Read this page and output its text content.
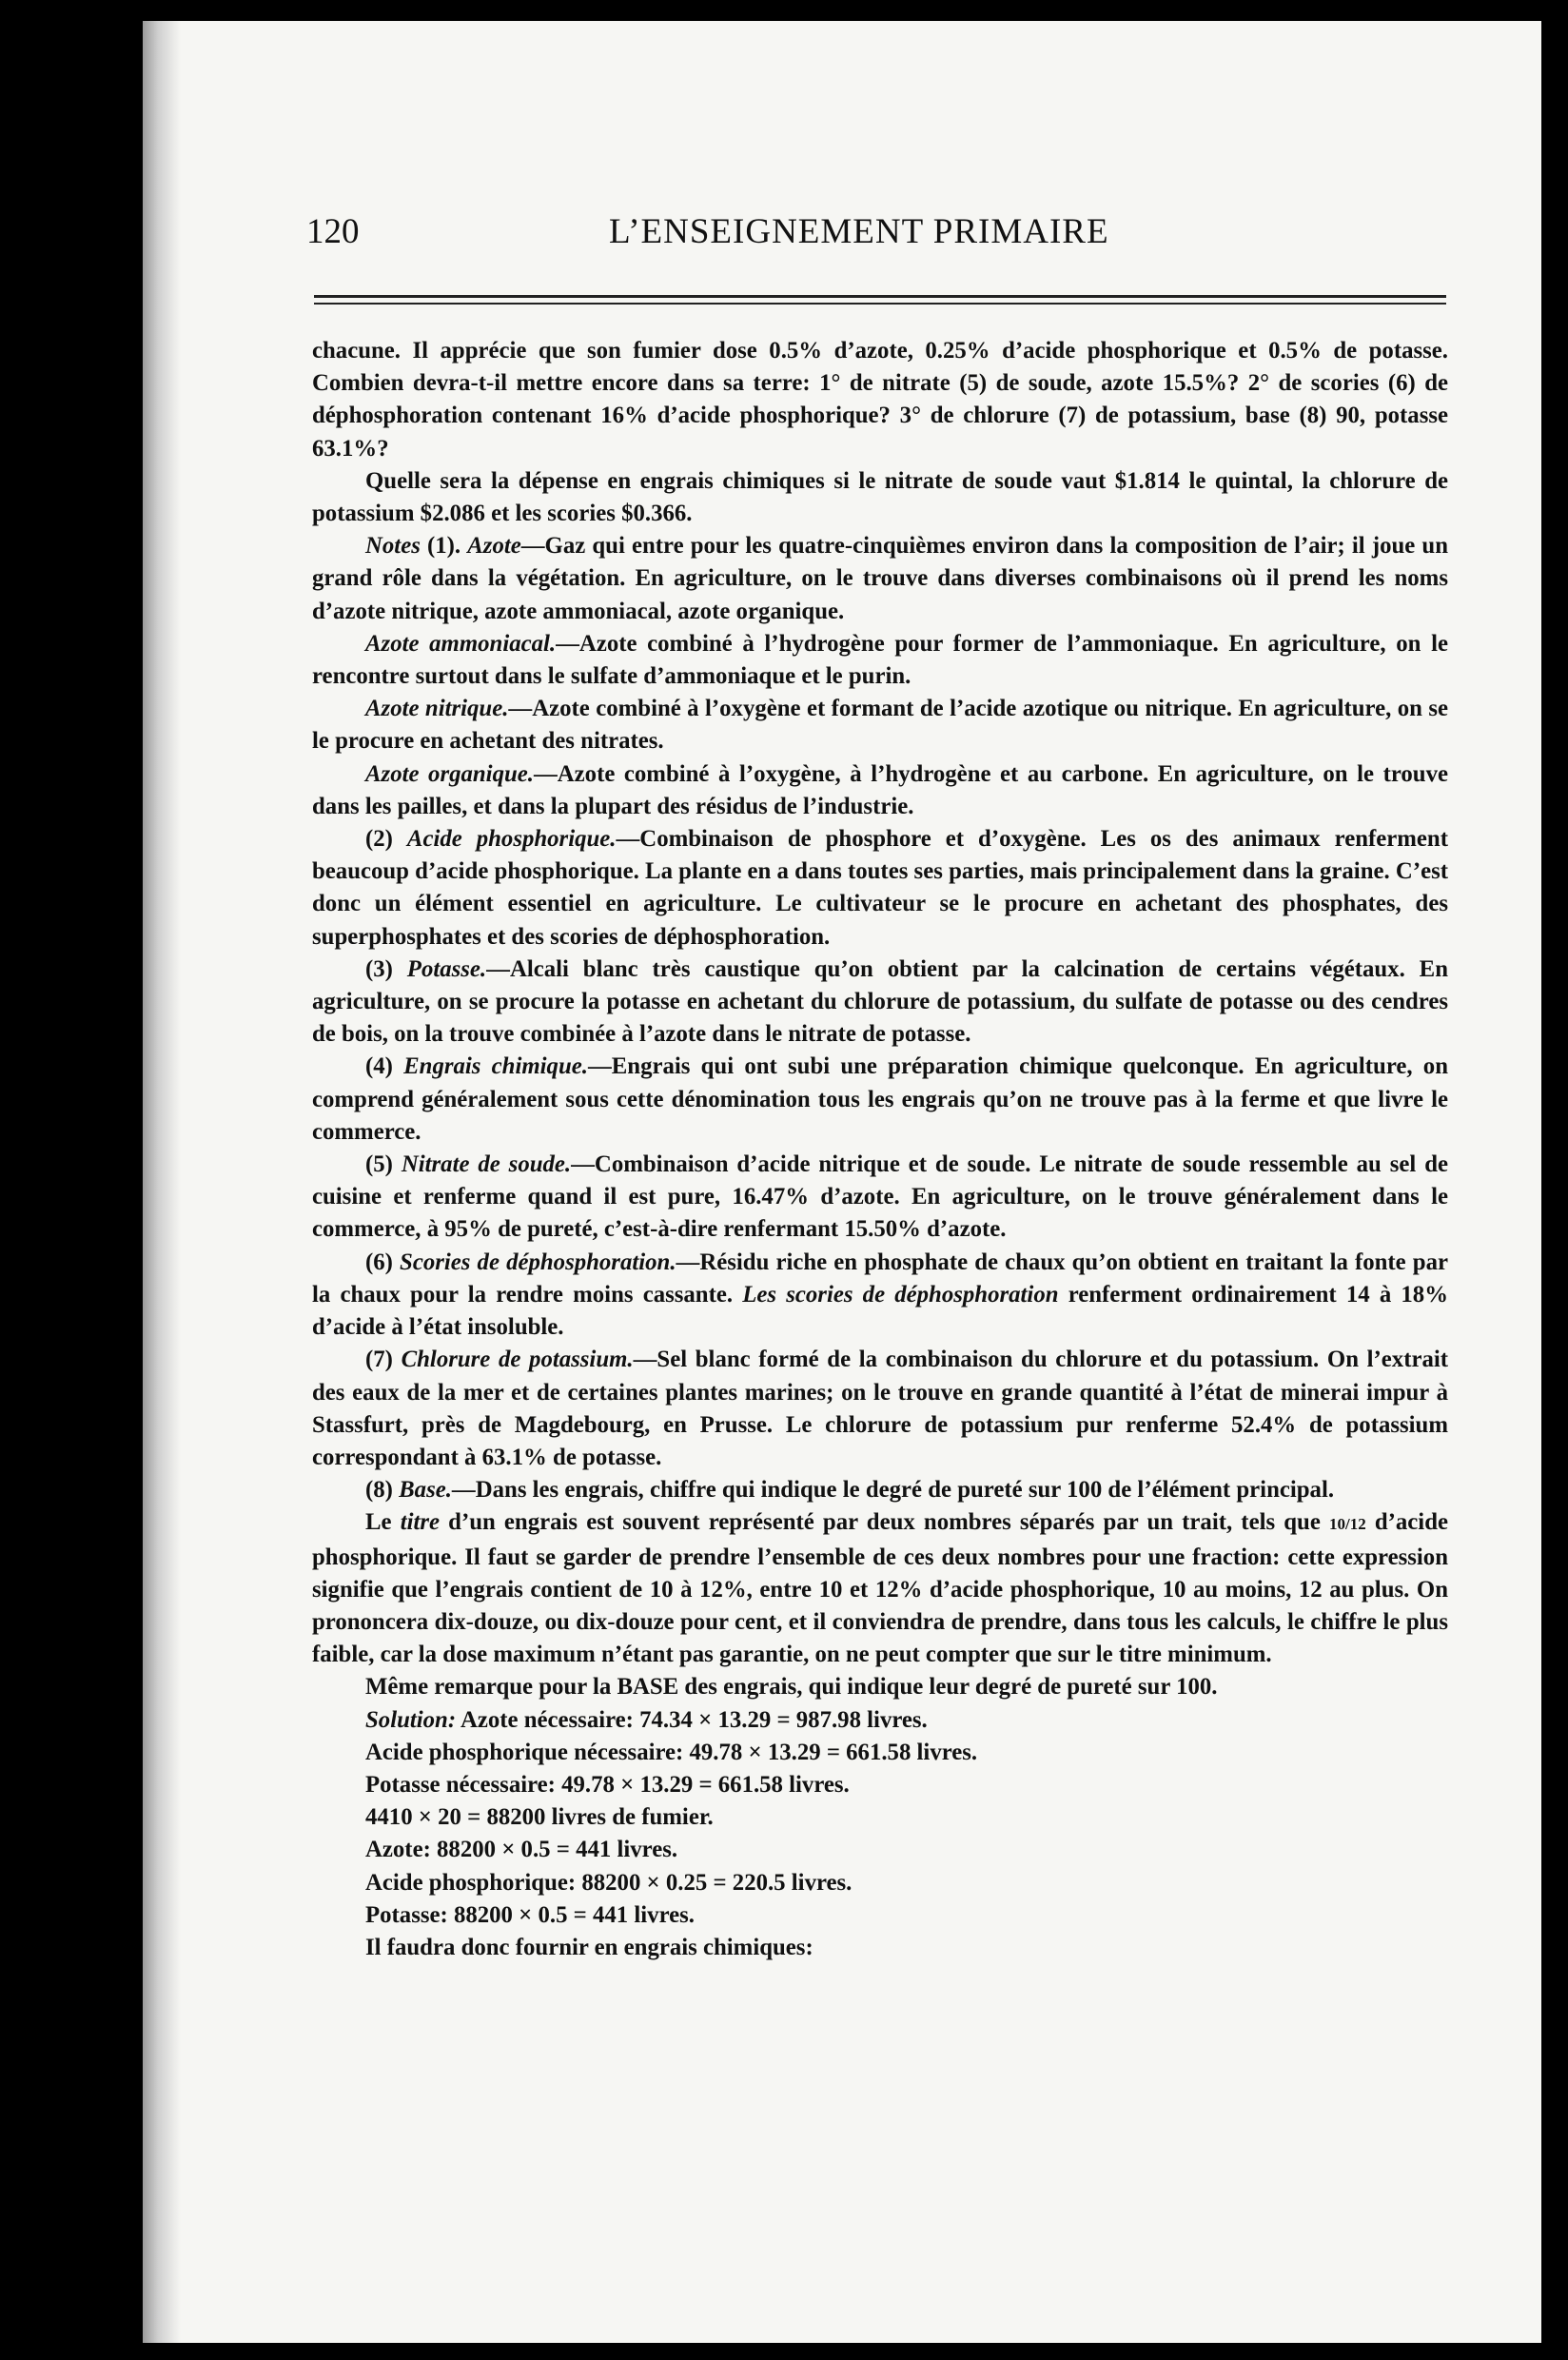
120	L’ENSEIGNEMENT PRIMAIRE

chacune. Il apprécie que son fumier dose 0.5% d’azote, 0.25% d’acide phosphorique et 0.5% de potasse. Combien devra-t-il mettre encore dans sa terre: 1° de nitrate (5) de soude, azote 15.5%? 2° de scories (6) de déphosphoration contenant 16% d’acide phosphorique? 3° de chlorure (7) de potassium, base (8) 90, potasse 63.1%?

Quelle sera la dépense en engrais chimiques si le nitrate de soude vaut $1.814 le quintal, la chlorure de potassium $2.086 et les scories $0.366.

Notes (1). Azote—Gaz qui entre pour les quatre-cinquièmes environ dans la composition de l’air; il joue un grand rôle dans la végétation. En agriculture, on le trouve dans diverses combinaisons où il prend les noms d’azote nitrique, azote ammoniacal, azote organique.

Azote ammoniacal.—Azote combiné à l’hydrogène pour former de l’ammoniaque. En agriculture, on le rencontre surtout dans le sulfate d’ammoniaque et le purin.

Azote nitrique.—Azote combiné à l’oxygène et formant de l’acide azotique ou nitrique. En agriculture, on se le procure en achetant des nitrates.

Azote organique.—Azote combiné à l’oxygène, à l’hydrogène et au carbone. En agriculture, on le trouve dans les pailles, et dans la plupart des résidus de l’industrie.

(2) Acide phosphorique.—Combinaison de phosphore et d’oxygène. Les os des animaux renferment beaucoup d’acide phosphorique. La plante en a dans toutes ses parties, mais principalement dans la graine. C’est donc un élément essentiel en agriculture. Le cultivateur se le procure en achetant des phosphates, des superphosphates et des scories de déphosphoration.

(3) Potasse.—Alcali blanc très caustique qu’on obtient par la calcination de certains végétaux. En agriculture, on se procure la potasse en achetant du chlorure de potassium, du sulfate de potasse ou des cendres de bois, on la trouve combinée à l’azote dans le nitrate de potasse.

(4) Engrais chimique.—Engrais qui ont subi une préparation chimique quelconque. En agriculture, on comprend généralement sous cette dénomination tous les engrais qu’on ne trouve pas à la ferme et que livre le commerce.

(5) Nitrate de soude.—Combinaison d’acide nitrique et de soude. Le nitrate de soude ressemble au sel de cuisine et renferme quand il est pure, 16.47% d’azote. En agriculture, on le trouve généralement dans le commerce, à 95% de pureté, c’est-à-dire renfermant 15.50% d’azote.

(6) Scories de déphosphoration.—Résidu riche en phosphate de chaux qu’on obtient en traitant la fonte par la chaux pour la rendre moins cassante. Les scories de déphosphoration renferment ordinairement 14 à 18% d’acide à l’état insoluble.

(7) Chlorure de potassium.—Sel blanc formé de la combinaison du chlorure et du potassium. On l’extrait des eaux de la mer et de certaines plantes marines; on le trouve en grande quantité à l’état de minerai impur à Stassfurt, près de Magdebourg, en Prusse. Le chlorure de potassium pur renferme 52.4% de potassium correspondant à 63.1% de potasse.

(8) Base.—Dans les engrais, chiffre qui indique le degré de pureté sur 100 de l’élément principal.

Le titre d’un engrais est souvent représenté par deux nombres séparés par un trait, tels que 10/12 d’acide phosphorique. Il faut se garder de prendre l’ensemble de ces deux nombres pour une fraction: cette expression signifie que l’engrais contient de 10 à 12%, entre 10 et 12% d’acide phosphorique, 10 au moins, 12 au plus. On prononcera dix-douze, ou dix-douze pour cent, et il conviendra de prendre, dans tous les calculs, le chiffre le plus faible, car la dose maximum n’étant pas garantie, on ne peut compter que sur le titre minimum.

Même remarque pour la BASE des engrais, qui indique leur degré de pureté sur 100.

Solution: Azote nécessaire: 74.34 × 13.29 = 987.98 livres.

Acide phosphorique nécessaire: 49.78 × 13.29 = 661.58 livres.

Potasse nécessaire: 49.78 × 13.29 = 661.58 livres.

4410 × 20 = 88200 livres de fumier.

Azote: 88200 × 0.5 = 441 livres.

Acide phosphorique: 88200 × 0.25 = 220.5 livres.

Potasse: 88200 × 0.5 = 441 livres.

Il faudra donc fournir en engrais chimiques:
